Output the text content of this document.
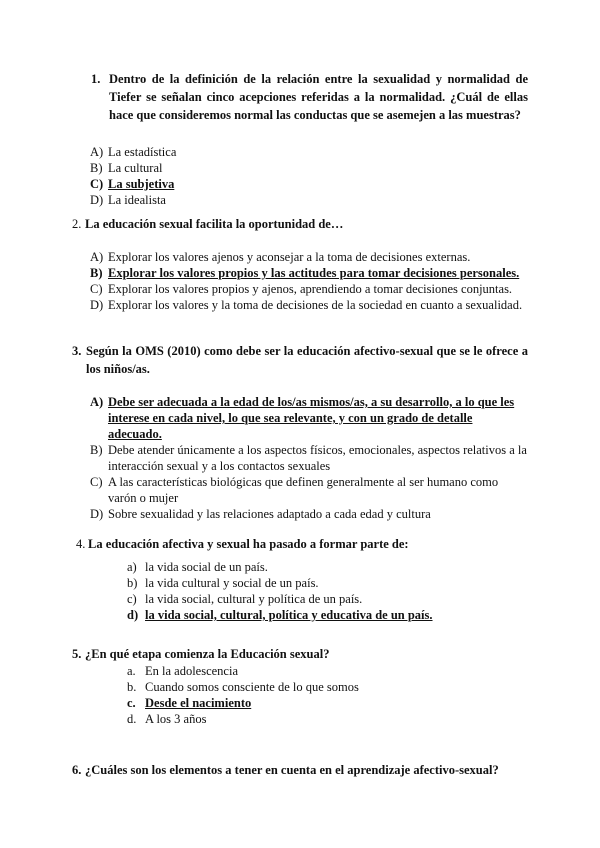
1. Dentro de la definición de la relación entre la sexualidad y normalidad de Tiefer se señalan cinco acepciones referidas a la normalidad. ¿Cuál de ellas hace que consideremos normal las conductas que se asemejen a las muestras?

A) La estadística
B) La cultural
C) La subjetiva
D) La idealista
2. La educación sexual facilita la oportunidad de…

A) Explorar los valores ajenos y aconsejar a la toma de decisiones externas.
B) Explorar los valores propios y las actitudes para tomar decisiones personales.
C) Explorar los valores propios y ajenos, aprendiendo a tomar decisiones conjuntas.
D) Explorar los valores y la toma de decisiones de la sociedad en cuanto a sexualidad.
3. Según la OMS (2010) como debe ser la educación afectivo-sexual que se le ofrece a los niños/as.

A) Debe ser adecuada a la edad de los/as mismos/as, a su desarrollo, a lo que les interese en cada nivel, lo que sea relevante, y con un grado de detalle adecuado.
B) Debe atender únicamente a los aspectos físicos, emocionales, aspectos relativos a la interacción sexual y a los contactos sexuales
C) A las características biológicas que definen generalmente al ser humano como varón o mujer
D) Sobre sexualidad y las relaciones adaptado a cada edad y cultura
4. La educación afectiva y sexual ha pasado a formar parte de:

a) la vida social de un país.
b) la vida cultural y social de un país.
c) la vida social, cultural y política de un país.
d) la vida social, cultural, política y educativa de un país.
5. ¿En qué etapa comienza la Educación sexual?

a. En la adolescencia
b. Cuando somos consciente de lo que somos
c. Desde el nacimiento
d. A los 3 años
6. ¿Cuáles son los elementos a tener en cuenta en el aprendizaje afectivo-sexual?
